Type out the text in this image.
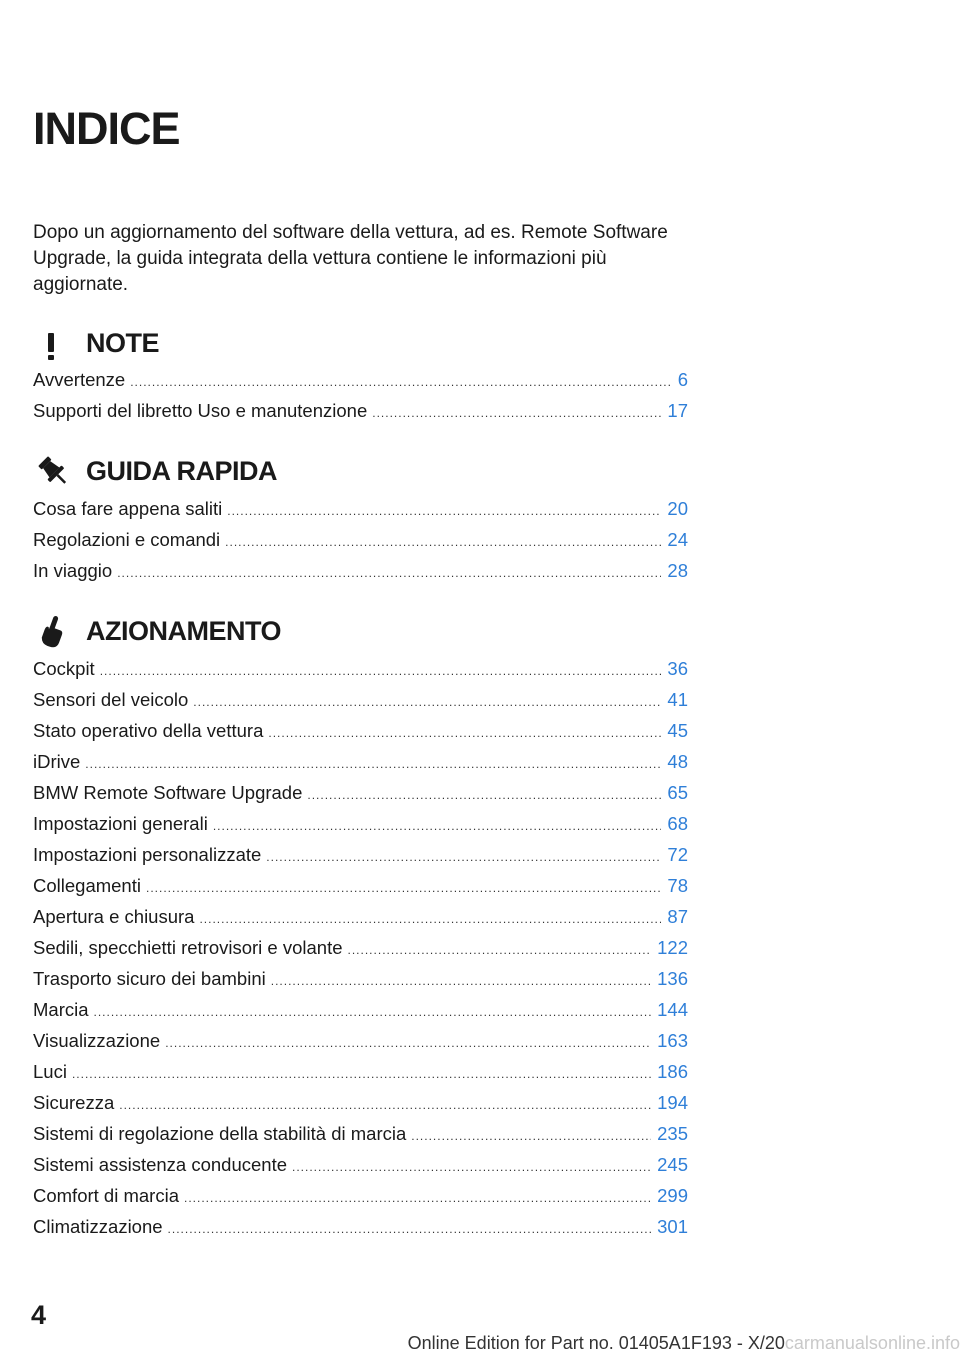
INDICE

Dopo un aggiornamento del software della vettura, ad es. Remote Software Upgrade, la guida integrata della vettura contiene le informazioni più aggiornate.

NOTE
Avvertenze .....	6
Supporti del libretto Uso e manutenzione .....	17
GUIDA RAPIDA
Cosa fare appena saliti .....	20
Regolazioni e comandi .....	24
In viaggio .....	28
AZIONAMENTO
Cockpit .....	36
Sensori del veicolo .....	41
Stato operativo della vettura .....	45
iDrive .....	48
BMW Remote Software Upgrade .....	65
Impostazioni generali .....	68
Impostazioni personalizzate .....	72
Collegamenti .....	78
Apertura e chiusura .....	87
Sedili, specchietti retrovisori e volante .....	122
Trasporto sicuro dei bambini .....	136
Marcia .....	144
Visualizzazione .....	163
Luci .....	186
Sicurezza .....	194
Sistemi di regolazione della stabilità di marcia .....	235
Sistemi assistenza conducente .....	245
Comfort di marcia .....	299
Climatizzazione .....	301
4
Online Edition for Part no. 01405A1F193 - X/20carmanualsonline.info
